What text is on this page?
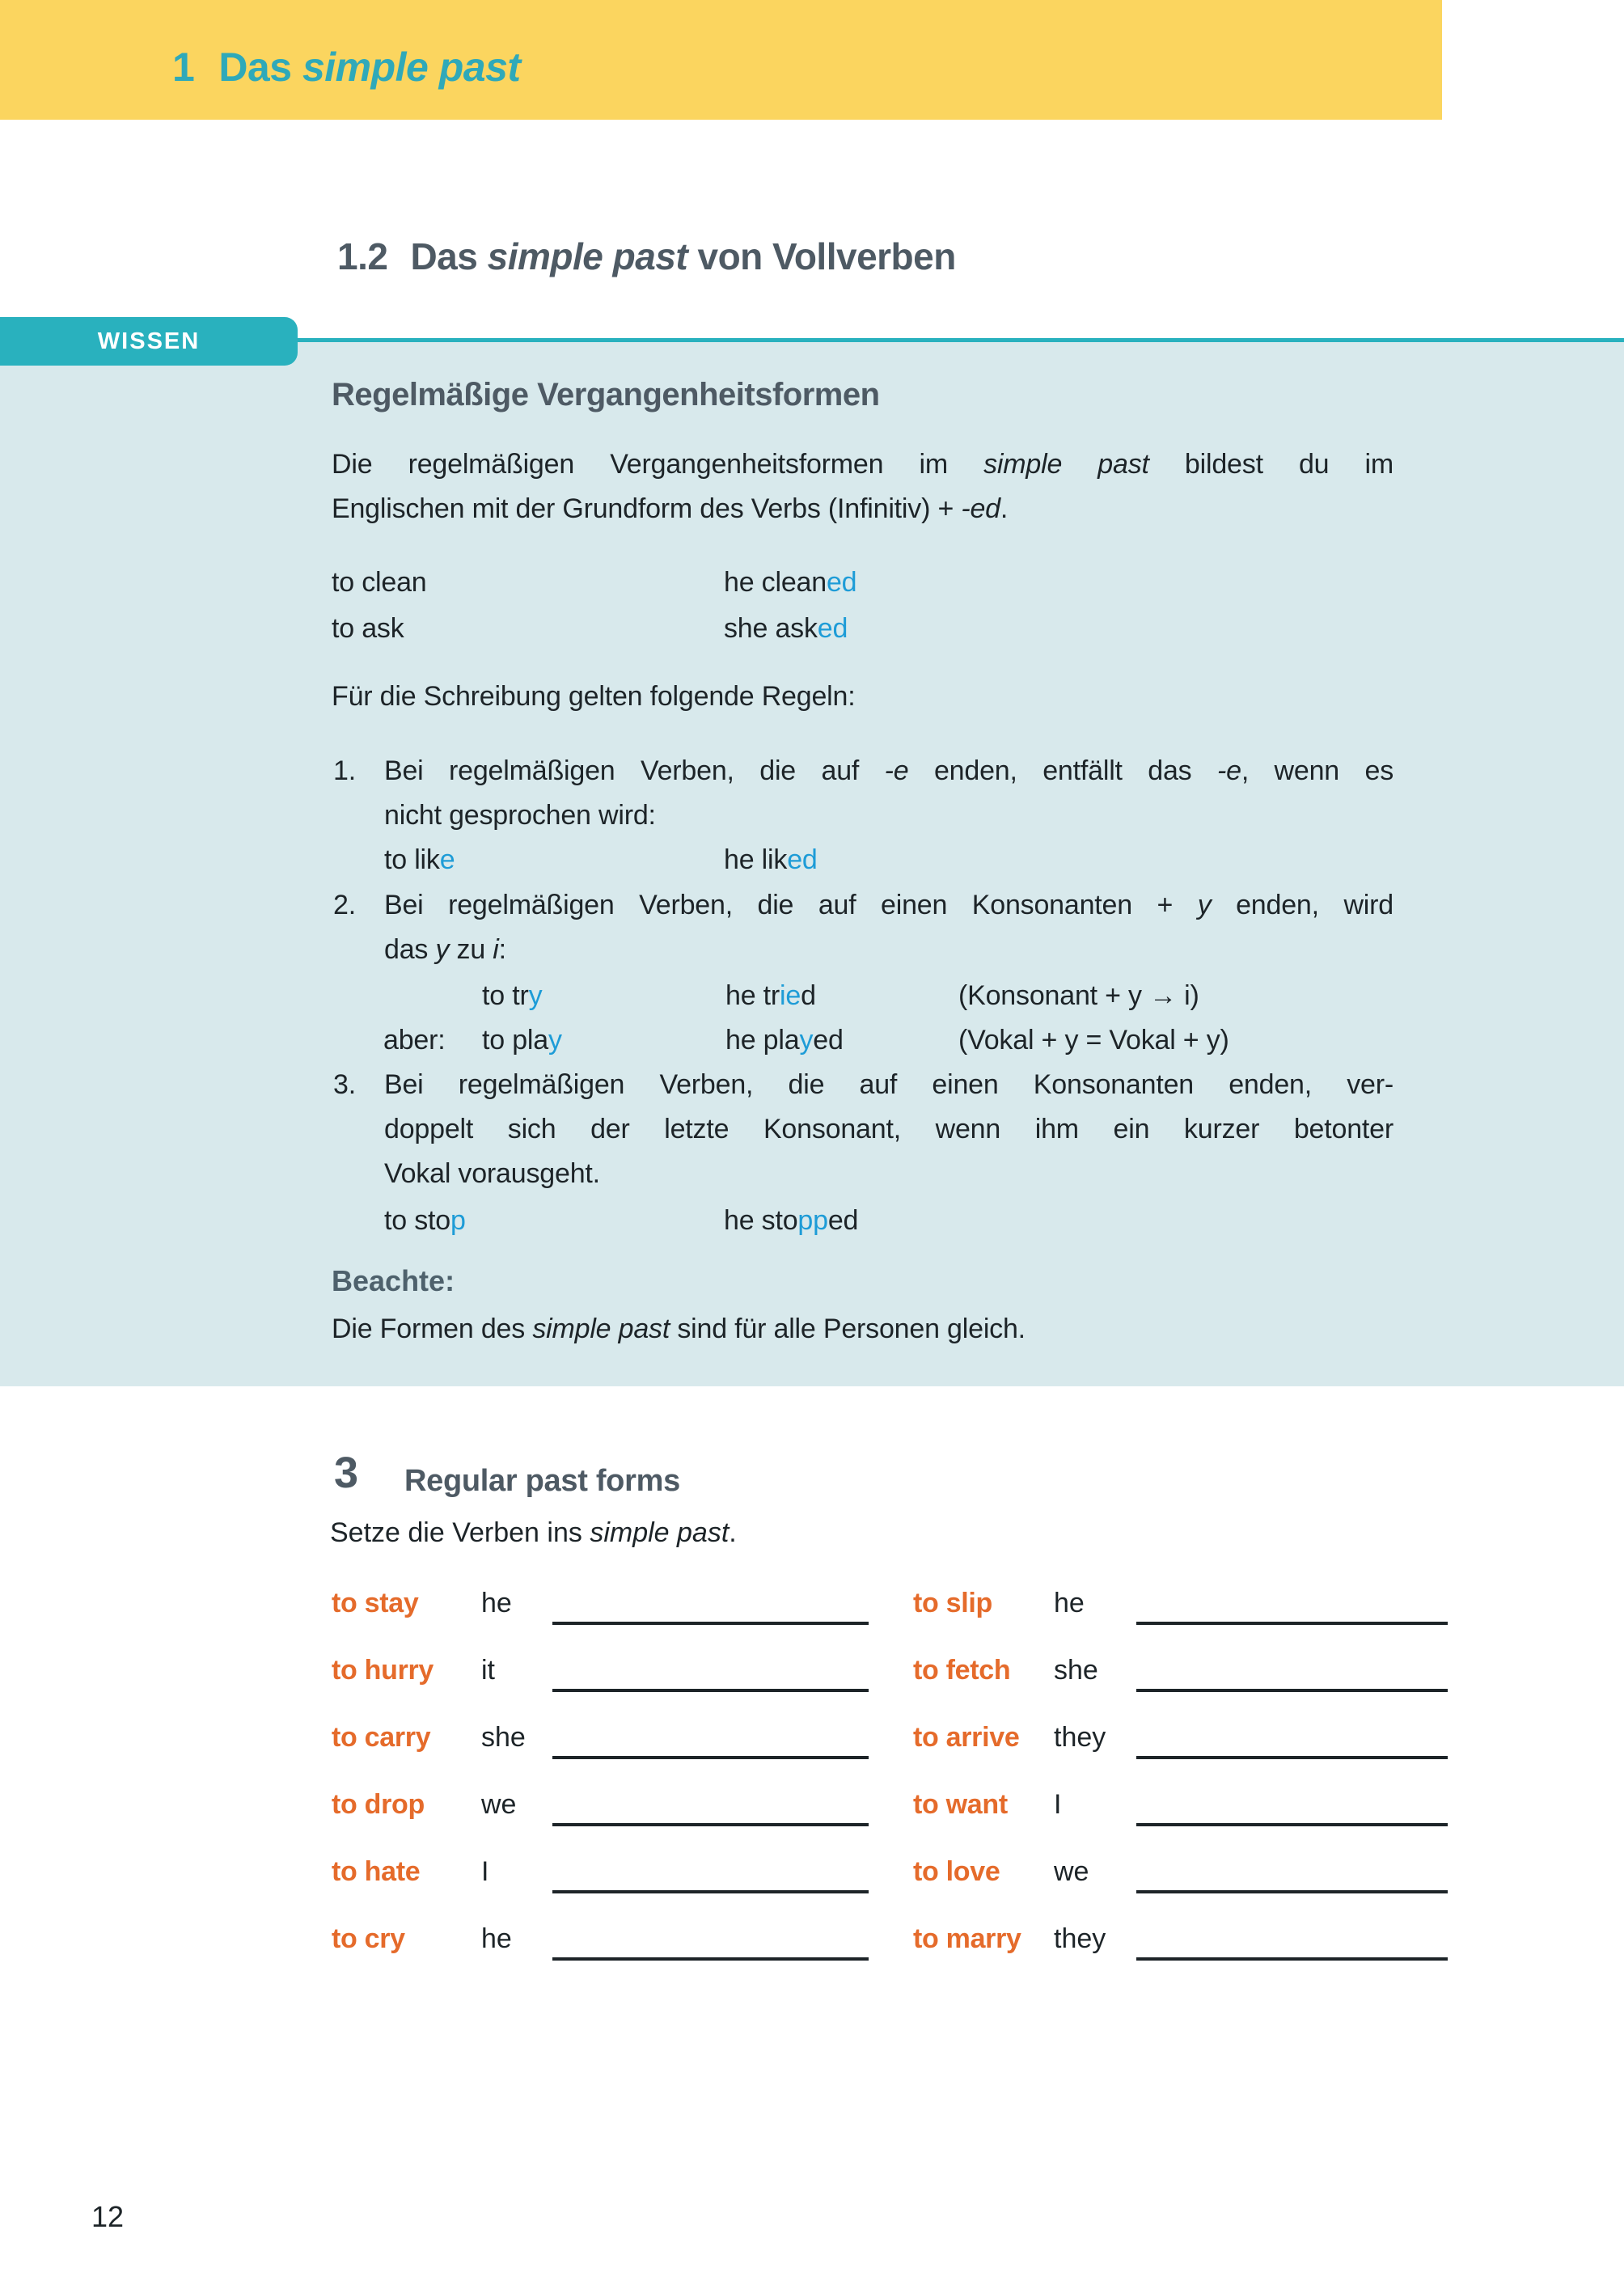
1 Das simple past
1.2 Das simple past von Vollverben
WISSEN
Regelmäßige Vergangenheitsformen
Die regelmäßigen Vergangenheitsformen im simple past bildest du im
Englischen mit der Grundform des Verbs (Infinitiv) + -ed.
to clean	he cleaned
to ask	she asked
Für die Schreibung gelten folgende Regeln:
1.	Bei regelmäßigen Verben, die auf -e enden, entfällt das -e, wenn es
nicht gesprochen wird:
to like	he liked
2.	Bei regelmäßigen Verben, die auf einen Konsonanten + y enden, wird
das y zu i:
to try	he tried	(Konsonant + y → i)
aber: to play	he played	(Vokal + y = Vokal + y)
3.	Bei regelmäßigen Verben, die auf einen Konsonanten enden, ver-
doppelt sich der letzte Konsonant, wenn ihm ein kurzer betonter
Vokal vorausgeht.
to stop	he stopped
Beachte:
Die Formen des simple past sind für alle Personen gleich.
3 Regular past forms
Setze die Verben ins simple past.
to stay he	to slip he
to hurry it	to fetch she
to carry she	to arrive they
to drop we	to want I
to hate I	to love we
to cry	he	to marry they
12
